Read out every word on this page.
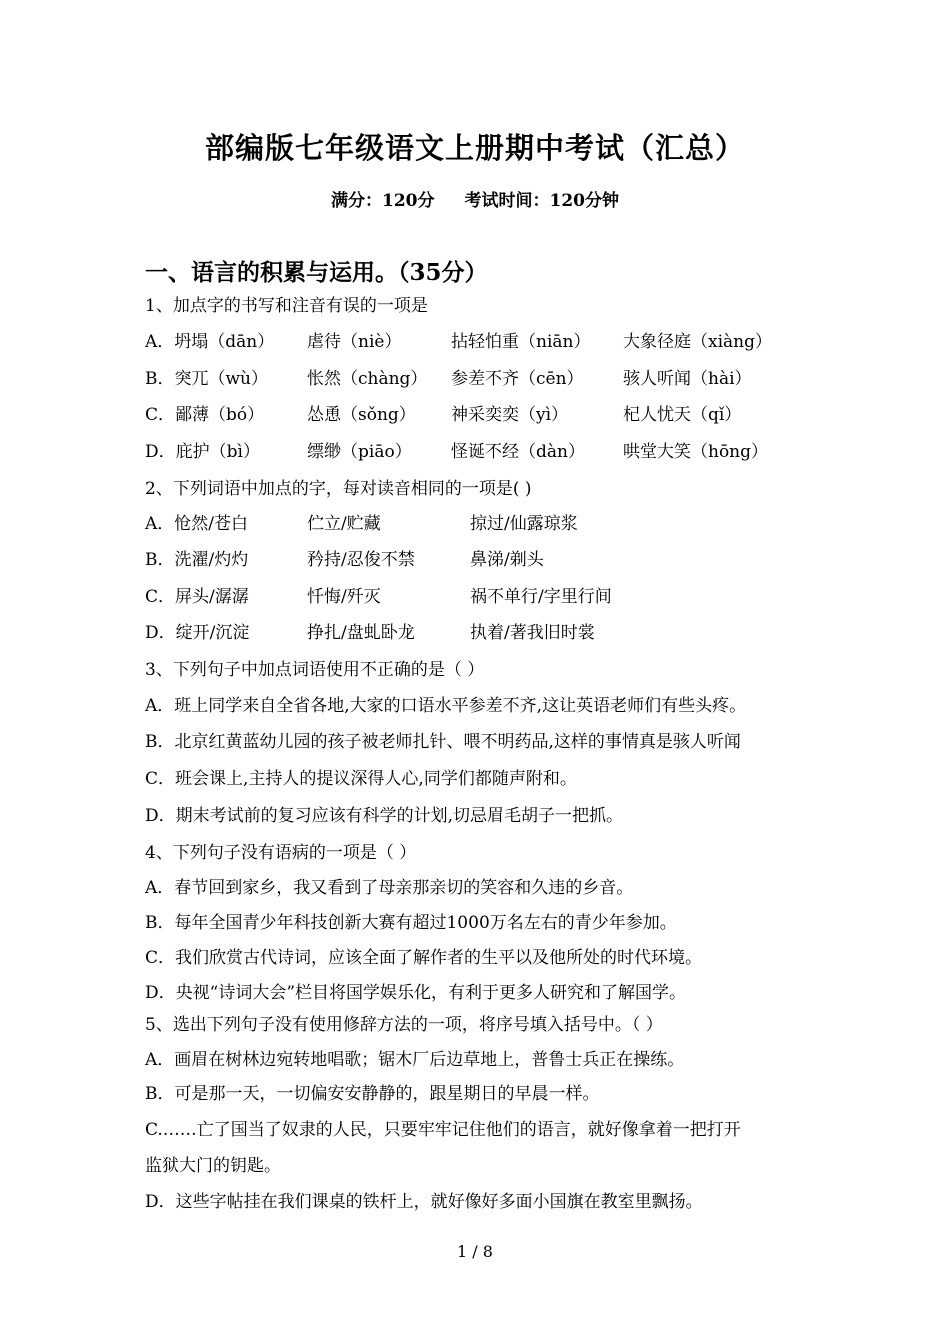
部编版七年级语文上册期中考试（汇总）
满分：120分 考试时间：120分钟
一、语言的积累与运用。（35分）
1、加点字的书写和注音有误的一项是
A．坍塌（dān） 虐待（niè）	拈轻怕重（niān） 大象径庭（xiàng）
B．突兀（wù） 怅然（chàng） 参差不齐（cēn） 骇人听闻（hài）
C．鄙薄（bó）	怂恿（sǒng） 神采奕奕（yì）	杞人忧天（qǐ）
D．庇护（bì）	缥缈（piāo） 怪诞不经（dàn） 哄堂大笑（hōng）
2、下列词语中加点的字，每对读音相同的一项是( )
A．怆然/苍白	伫立/贮藏	掠过/仙露琼浆
B．洗濯/灼灼	矜持/忍俊不禁	鼻涕/剃头
C．屏头/潺潺	忏悔/歼灭	祸不单行/字里行间
D．绽开/沉淀	挣扎/盘虬卧龙	执着/著我旧时裳
3、下列句子中加点词语使用不正确的是（ ）
A．班上同学来自全省各地,大家的口语水平参差不齐,这让英语老师们有些头疼。
B．北京红黄蓝幼儿园的孩子被老师扎针、喂不明药品,这样的事情真是骇人听闻
C．班会课上,主持人的提议深得人心,同学们都随声附和。
D．期末考试前的复习应该有科学的计划,切忌眉毛胡子一把抓。
4、下列句子没有语病的一项是（ ）
A．春节回到家乡，我又看到了母亲那亲切的笑容和久违的乡音。
B．每年全国青少年科技创新大赛有超过1000万名左右的青少年参加。
C．我们欣赏古代诗词，应该全面了解作者的生平以及他所处的时代环境。
D．央视“诗词大会”栏目将国学娱乐化，有利于更多人研究和了解国学。
5、选出下列句子没有使用修辞方法的一项，将序号填入括号中。（ ）
A．画眉在树林边宛转地唱歌；锯木厂后边草地上，普鲁士兵正在操练。
B．可是那一天，一切偏安安静静的，跟星期日的早晨一样。
C.……亡了国当了奴隶的人民，只要牢牢记住他们的语言，就好像拿着一把打开
监狱大门的钥匙。
D．这些字帖挂在我们课桌的铁杆上，就好像好多面小国旗在教室里飘扬。
1 / 8
